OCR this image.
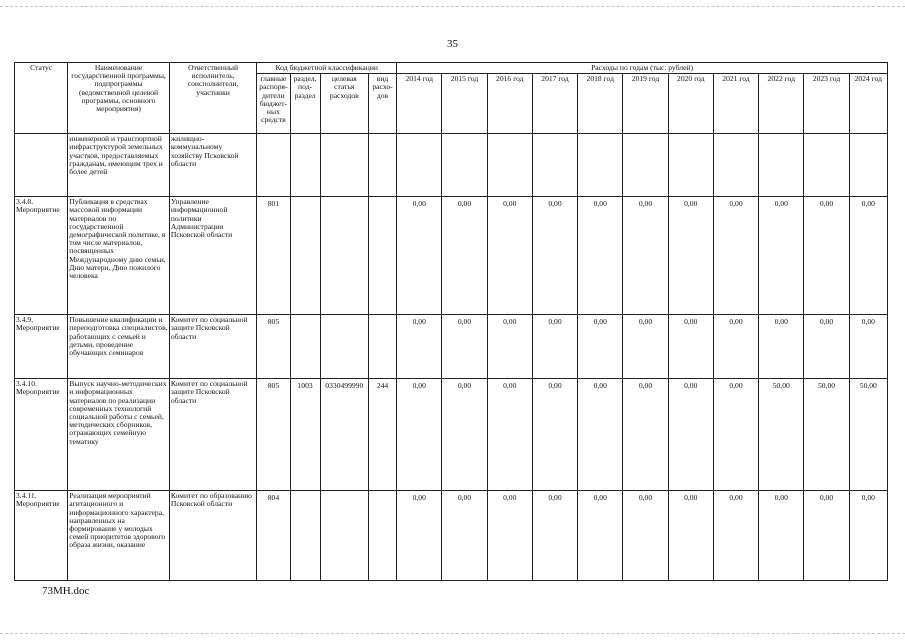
35
Статус	Наименование государственной программы, подпрограммы (ведомственной целевой программы, основного мероприятия)	Ответственный исполнитель, соисполнители, участники	Код бюджетной классификации				Расходы по годам (тыс. рублей)										
			главные распоря-дители бюджет-ных средств	раздел, под-раздел	целевая статья расходов	вид расхо-дов	2014 год	2015 год	2016 год	2017 год	2018 год	2019 год	2020 год	2021 год	2022 год	2023 год	2024 год
	инженерной и транспортной инфраструктурой земельных участков, предоставляемых гражданам, имеющим трех и более детей	жилищно-коммунальному хозяйству Псковской области															
3.4.8. Мероприятие	Публикация в средствах массовой информации материалов по государственной демографической политике, в том числе материалов, посвященных Международному дню семьи, Дню матери, Дню пожилого человека	Управление информационной политики Администрации Псковской области	801				0,00	0,00	0,00	0,00	0,00	0,00	0,00	0,00	0,00	0,00	0,00
3.4.9. Мероприятие	Повышение квалификации и переподготовка специалистов, работающих с семьей и детьми, проведение обучающих семинаров	Комитет по социальной защите Псковской области	805				0,00	0,00	0,00	0,00	0,00	0,00	0,00	0,00	0,00	0,00	0,00
3.4.10. Мероприятие	Выпуск научно-методических и информационных материалов по реализации современных технологий социальной работы с семьей, методических сборников, отражающих семейную тематику	Комитет по социальной защите Псковской области	805	1003	0330499990	244	0,00	0,00	0,00	0,00	0,00	0,00	0,00	0,00	50,00	50,00	50,00
3.4.11. Мероприятие	Реализация мероприятий агитационного и информационного характера, направленных на формирование у молодых семей приоритетов здорового образа жизни, оказание	Комитет по образованию Псковской области	804				0,00	0,00	0,00	0,00	0,00	0,00	0,00	0,00	0,00	0,00	0,00
73MH.doc
